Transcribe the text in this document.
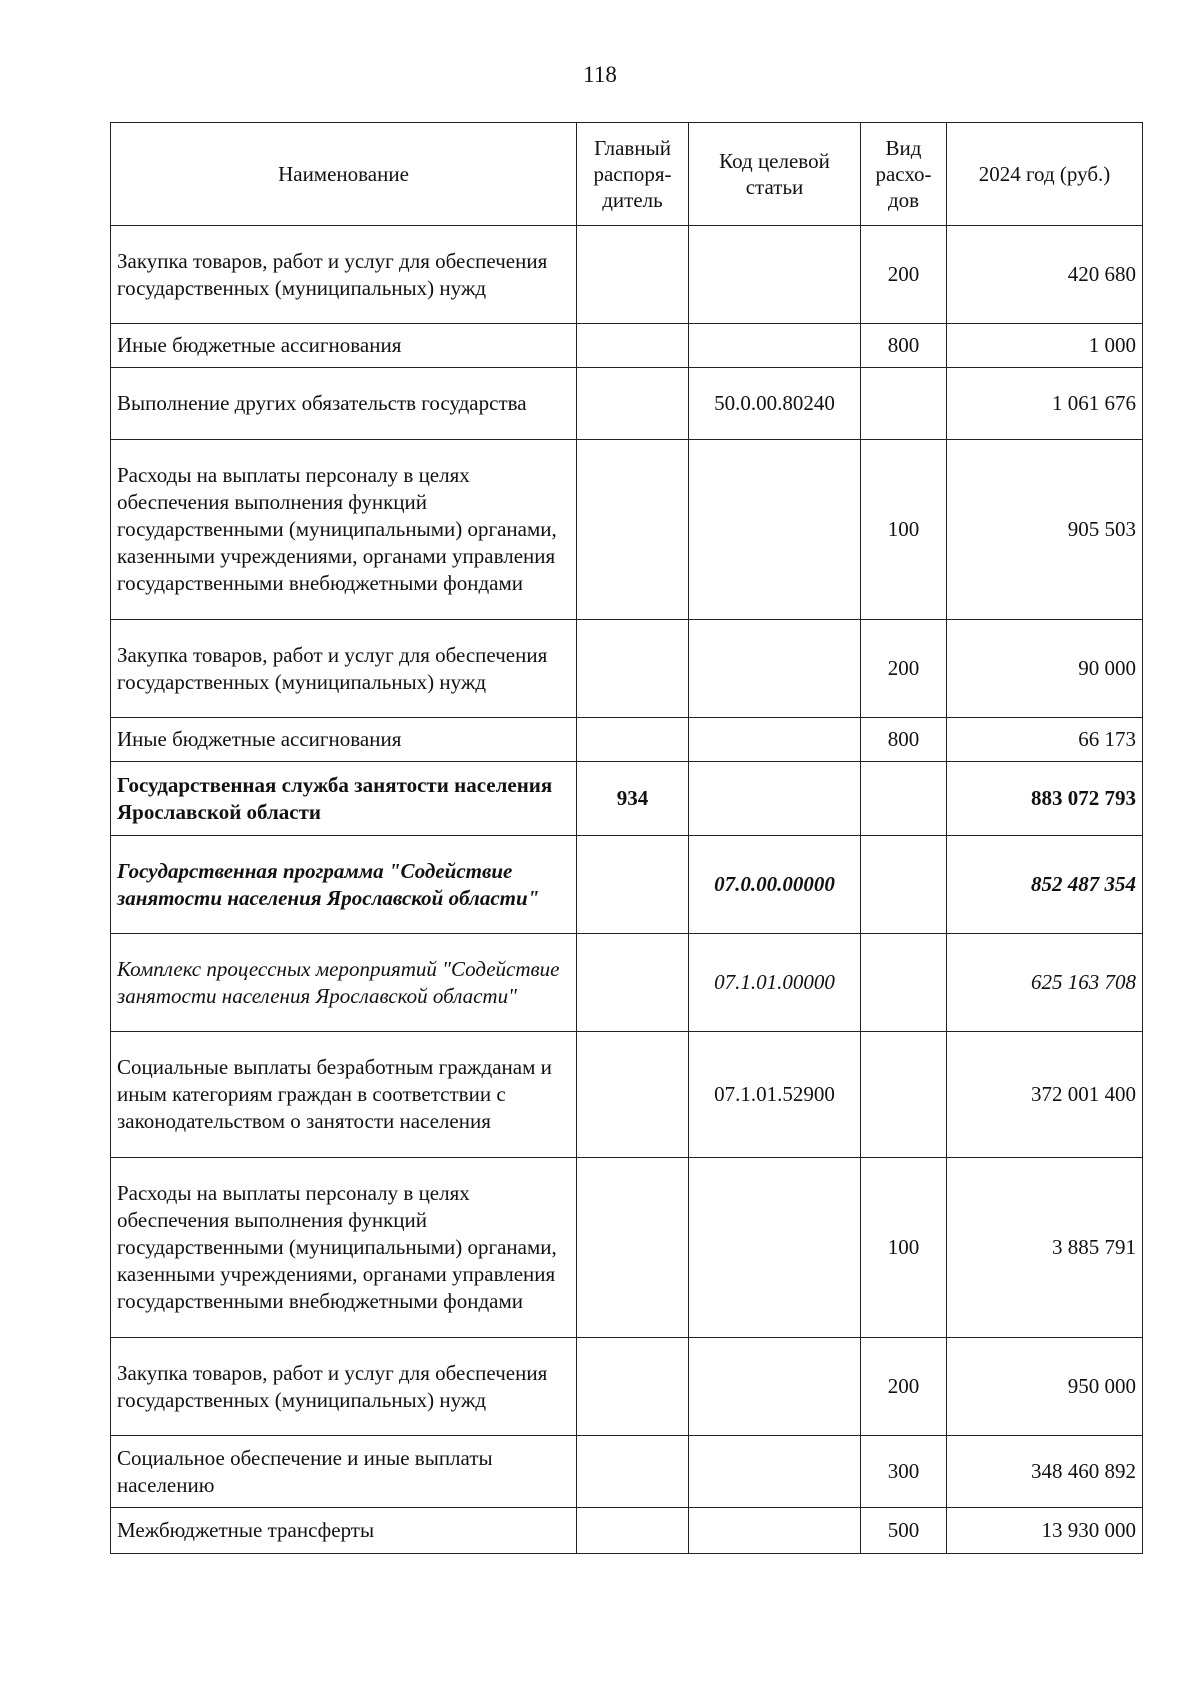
118
Наименование	Главный распоря-дитель	Код целевой статьи	Вид расхо-дов	2024 год (руб.)
Закупка товаров, работ и услуг для обеспечения государственных (муниципальных) нужд			200	420 680
Иные бюджетные ассигнования			800	1 000
Выполнение других обязательств государства		50.0.00.80240		1 061 676
Расходы на выплаты персоналу в целях обеспечения выполнения функций государственными (муниципальными) органами, казенными учреждениями, органами управления государственными внебюджетными фондами			100	905 503
Закупка товаров, работ и услуг для обеспечения государственных (муниципальных) нужд			200	90 000
Иные бюджетные ассигнования			800	66 173
Государственная служба занятости населения Ярославской области	934			883 072 793
Государственная программа "Содействие занятости населения Ярославской области"		07.0.00.00000		852 487 354
Комплекс процессных мероприятий "Содействие занятости населения Ярославской области"		07.1.01.00000		625 163 708
Социальные выплаты безработным гражданам и иным категориям граждан в соответствии с законодательством о занятости населения		07.1.01.52900		372 001 400
Расходы на выплаты персоналу в целях обеспечения выполнения функций государственными (муниципальными) органами, казенными учреждениями, органами управления государственными внебюджетными фондами			100	3 885 791
Закупка товаров, работ и услуг для обеспечения государственных (муниципальных) нужд			200	950 000
Социальное обеспечение и иные выплаты населению			300	348 460 892
Межбюджетные трансферты			500	13 930 000
